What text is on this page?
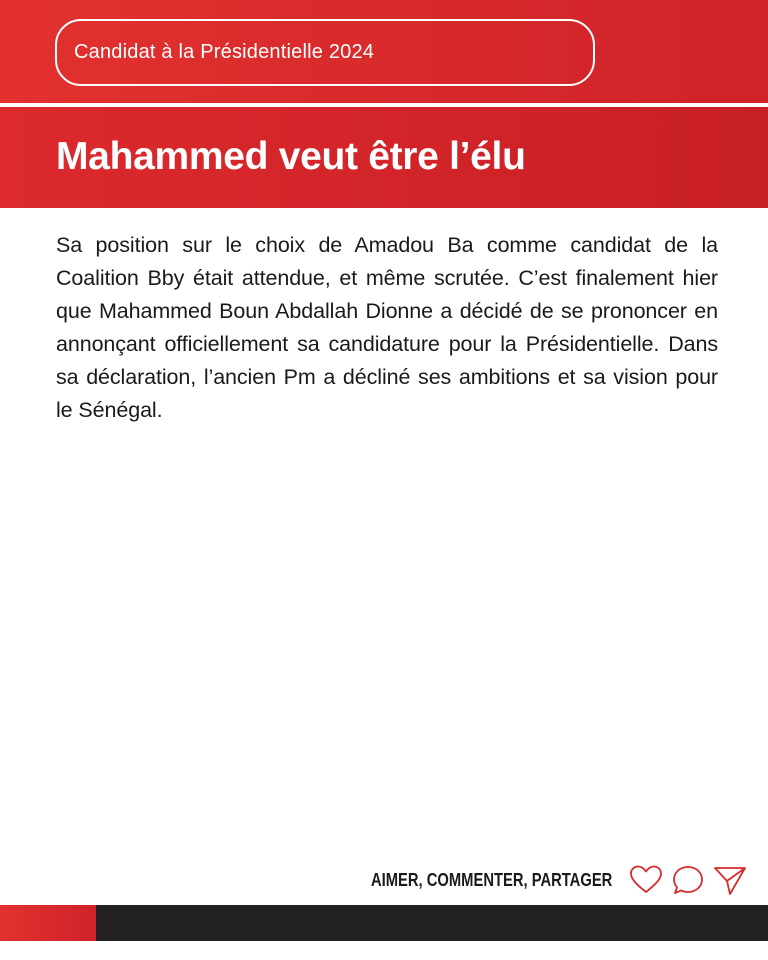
Candidat à la Présidentielle 2024
Mahammed veut être l’élu

Sa position sur le choix de Amadou Ba comme candidat de la Coalition Bby était attendue, et même scrutée. C’est finalement hier que Mahammed Boun Abdallah Dionne a décidé de se prononcer en annonçant officiellement sa candidature pour la Présidentielle. Dans sa déclaration, l’ancien Pm a décliné ses ambitions et sa vision pour le Sénégal.

AIMER, COMMENTER, PARTAGER
